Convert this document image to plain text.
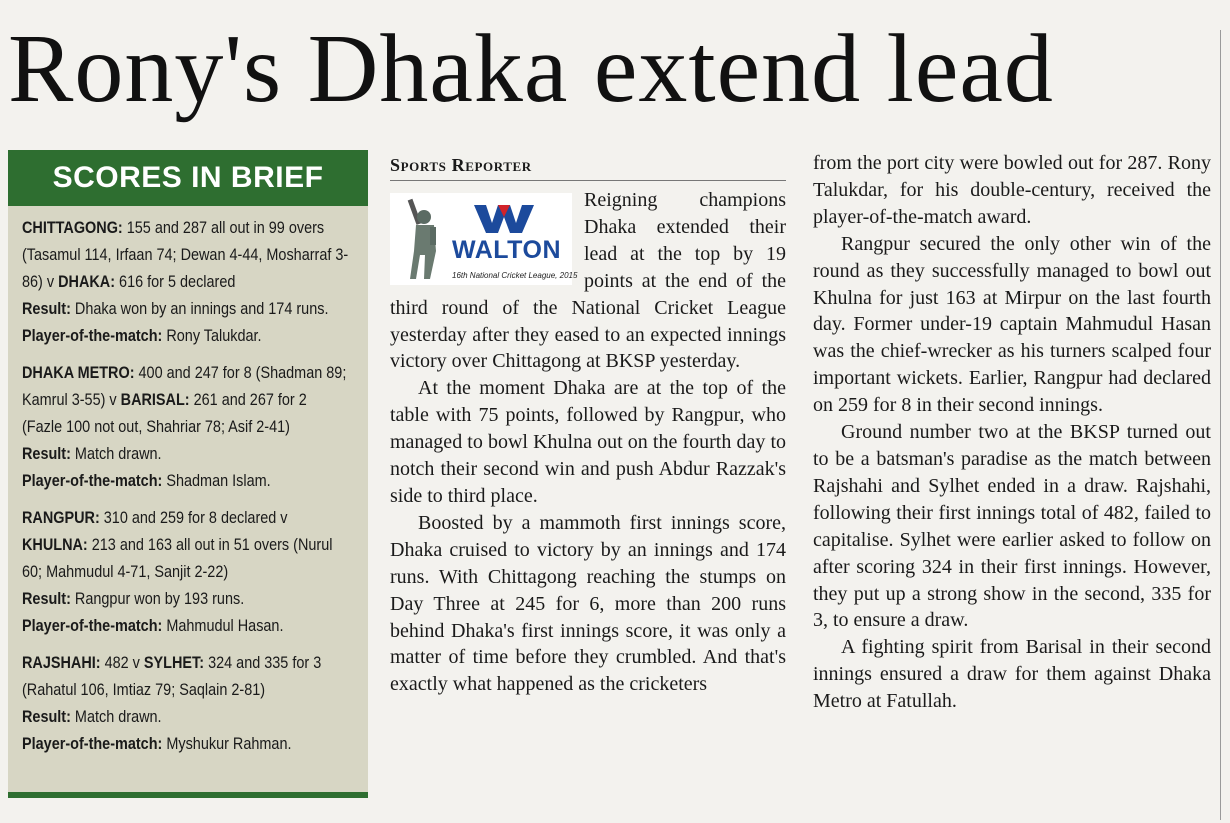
Rony's Dhaka extend lead
SCORES IN BRIEF

CHITTAGONG: 155 and 287 all out in 99 overs (Tasamul 114, Irfaan 74; Dewan 4-44, Mosharraf 3-86) v DHAKA: 616 for 5 declared

Result: Dhaka won by an innings and 174 runs.

Player-of-the-match: Rony Talukdar.

DHAKA METRO: 400 and 247 for 8 (Shadman 89; Kamrul 3-55) v BARISAL: 261 and 267 for 2 (Fazle 100 not out, Shahriar 78; Asif 2-41)

Result: Match drawn.

Player-of-the-match: Shadman Islam.

RANGPUR: 310 and 259 for 8 declared v KHULNA: 213 and 163 all out in 51 overs (Nurul 60; Mahmudul 4-71, Sanjit 2-22)

Result: Rangpur won by 193 runs.

Player-of-the-match: Mahmudul Hasan.

RAJSHAHI: 482 v SYLHET: 324 and 335 for 3 (Rahatul 106, Imtiaz 79; Saqlain 2-81)

Result: Match drawn.

Player-of-the-match: Myshukur Rahman.

Sports Reporter
WALTON
16th National Cricket League, 2015

Reigning champions Dhaka extended their lead at the top by 19 points at the end of the third round of the National Cricket League yesterday after they eased to an expected innings victory over Chittagong at BKSP yesterday.

At the moment Dhaka are at the top of the table with 75 points, followed by Rangpur, who managed to bowl Khulna out on the fourth day to notch their second win and push Abdur Razzak's side to third place.

Boosted by a mammoth first innings score, Dhaka cruised to victory by an innings and 174 runs. With Chittagong reaching the stumps on Day Three at 245 for 6, more than 200 runs behind Dhaka's first innings score, it was only a matter of time before they crumbled. And that's exactly what happened as the cricketers

from the port city were bowled out for 287. Rony Talukdar, for his double-century, received the player-of-the-match award.

Rangpur secured the only other win of the round as they successfully managed to bowl out Khulna for just 163 at Mirpur on the last fourth day. Former under-19 captain Mahmudul Hasan was the chief-wrecker as his turners scalped four important wickets. Earlier, Rangpur had declared on 259 for 8 in their second innings.

Ground number two at the BKSP turned out to be a batsman's paradise as the match between Rajshahi and Sylhet ended in a draw. Rajshahi, following their first innings total of 482, failed to capitalise. Sylhet were earlier asked to follow on after scoring 324 in their first innings. However, they put up a strong show in the second, 335 for 3, to ensure a draw.

A fighting spirit from Barisal in their second innings ensured a draw for them against Dhaka Metro at Fatullah.
